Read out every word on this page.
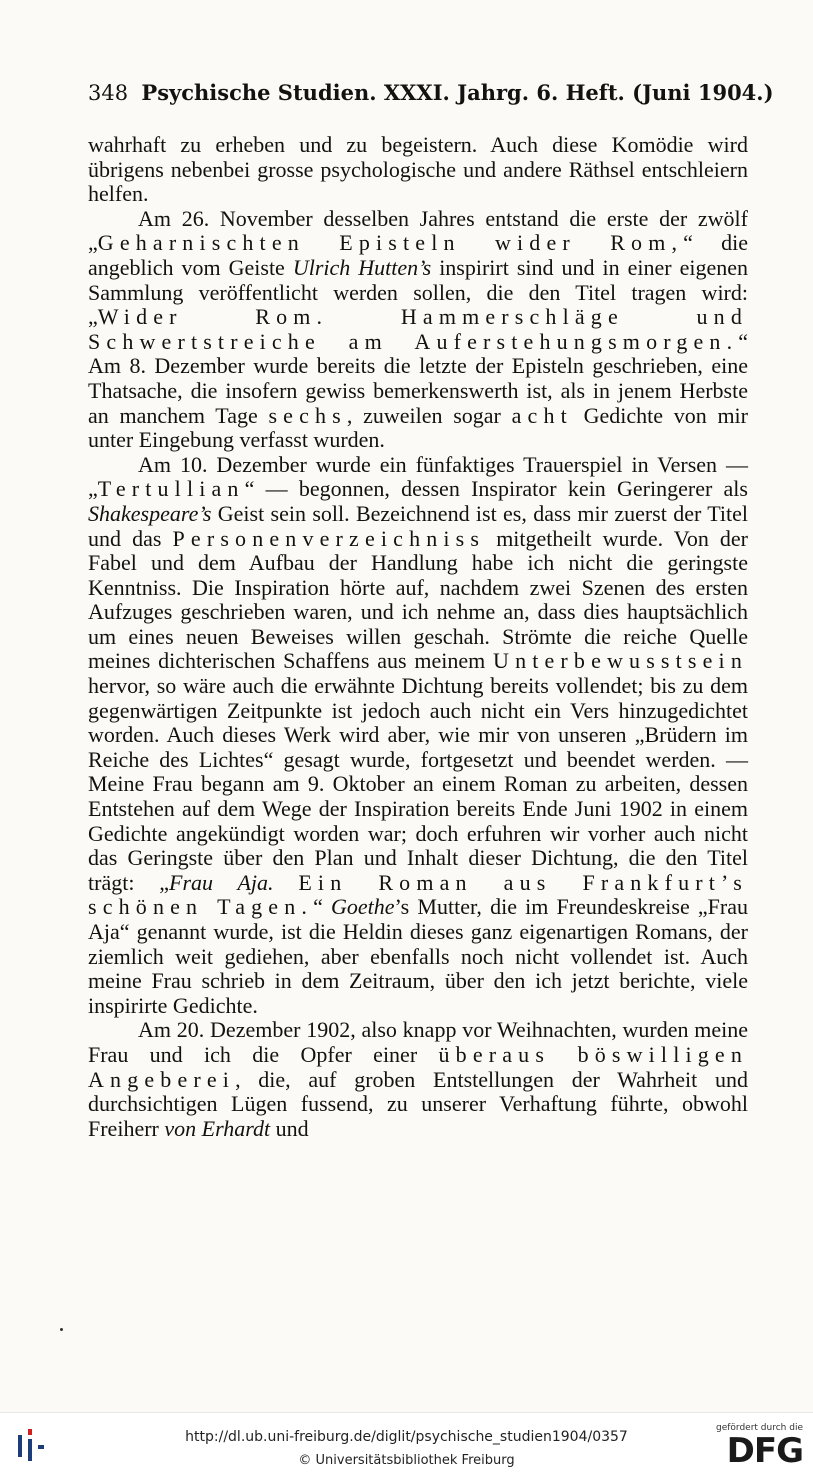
348 Psychische Studien. XXXI. Jahrg. 6. Heft. (Juni 1904.)

wahrhaft zu erheben und zu begeistern. Auch diese Komödie wird übrigens nebenbei grosse psychologische und andere Räthsel entschleiern helfen.

Am 26. November desselben Jahres entstand die erste der zwölf „Geharnischten Episteln wider Rom,“ die angeblich vom Geiste Ulrich Hutten’s inspirirt sind und in einer eigenen Sammlung veröffentlicht werden sollen, die den Titel tragen wird: „Wider Rom. Hammerschläge und Schwertstreiche am Auferstehungsmorgen.“ Am 8. Dezember wurde bereits die letzte der Episteln geschrieben, eine Thatsache, die insofern gewiss bemerkenswerth ist, als in jenem Herbste an manchem Tage sechs, zuweilen sogar acht Gedichte von mir unter Eingebung verfasst wurden.

Am 10. Dezember wurde ein fünfaktiges Trauerspiel in Versen — „Tertullian“ — begonnen, dessen Inspirator kein Geringerer als Shakespeare’s Geist sein soll. Bezeichnend ist es, dass mir zuerst der Titel und das Personenverzeichniss mitgetheilt wurde. Von der Fabel und dem Aufbau der Handlung habe ich nicht die geringste Kenntniss. Die Inspiration hörte auf, nachdem zwei Szenen des ersten Aufzuges geschrieben waren, und ich nehme an, dass dies hauptsächlich um eines neuen Beweises willen geschah. Strömte die reiche Quelle meines dichterischen Schaffens aus meinem Unterbewusstsein hervor, so wäre auch die erwähnte Dichtung bereits vollendet; bis zu dem gegenwärtigen Zeitpunkte ist jedoch auch nicht ein Vers hinzugedichtet worden. Auch dieses Werk wird aber, wie mir von unseren „Brüdern im Reiche des Lichtes“ gesagt wurde, fortgesetzt und beendet werden. — Meine Frau begann am 9. Oktober an einem Roman zu arbeiten, dessen Entstehen auf dem Wege der Inspiration bereits Ende Juni 1902 in einem Gedichte angekündigt worden war; doch erfuhren wir vorher auch nicht das Geringste über den Plan und Inhalt dieser Dichtung, die den Titel trägt: „Frau Aja. Ein Roman aus Frankfurt’s schönen Tagen.“ Goethe’s Mutter, die im Freundeskreise „Frau Aja“ genannt wurde, ist die Heldin dieses ganz eigenartigen Romans, der ziemlich weit gediehen, aber ebenfalls noch nicht vollendet ist. Auch meine Frau schrieb in dem Zeitraum, über den ich jetzt berichte, viele inspirirte Gedichte.

Am 20. Dezember 1902, also knapp vor Weihnachten, wurden meine Frau und ich die Opfer einer überaus böswilligen Angeberei, die, auf groben Entstellungen der Wahrheit und durchsichtigen Lügen fussend, zu unserer Verhaftung führte, obwohl Freiherr von Erhardt und

http://dl.ub.uni-freiburg.de/diglit/psychische_studien1904/0357
© Universitätsbibliothek Freiburg
gefördert durch die
DFG
